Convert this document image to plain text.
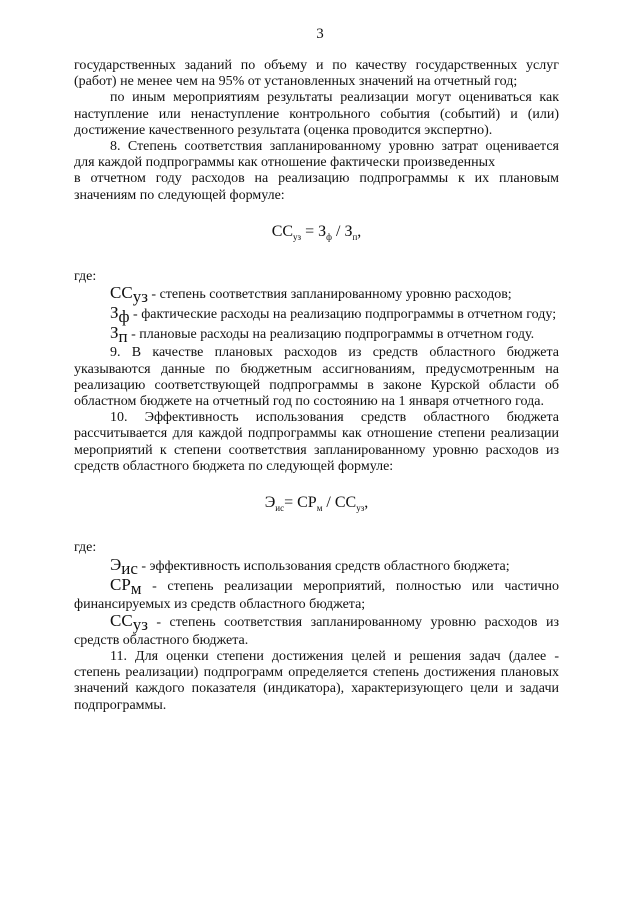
3

государственных заданий по объему и по качеству государственных услуг (работ) не менее чем на 95% от установленных значений на отчетный год;

по иным мероприятиям результаты реализации могут оцениваться как наступление или ненаступление контрольного события (событий) и (или) достижение качественного результата (оценка проводится экспертно).

8. Степень соответствия запланированному уровню затрат оценивается для каждой подпрограммы как отношение фактически произведенных

в отчетном году расходов на реализацию подпрограммы к их плановым значениям по следующей формуле:

$СС_{уз} = З_ф / З_п$,

где:

$СС_{уз}$ - степень соответствия запланированному уровню расходов;

$З_ф$ - фактические расходы на реализацию подпрограммы в отчетном году;

$З_п$ - плановые расходы на реализацию подпрограммы в отчетном году.

9. В качестве плановых расходов из средств областного бюджета указываются данные по бюджетным ассигнованиям, предусмотренным на реализацию соответствующей подпрограммы в законе Курской области об областном бюджете на отчетный год по состоянию на 1 января отчетного года.

10. Эффективность использования средств областного бюджета рассчитывается для каждой подпрограммы как отношение степени реализации мероприятий к степени соответствия запланированному уровню расходов из средств областного бюджета по следующей формуле:

$Э_{ис}= СР_м / СС_{уз}$,

где:

$Э_{ис}$ - эффективность использования средств областного бюджета;

$СР_м$ - степень реализации мероприятий, полностью или частично финансируемых из средств областного бюджета;

$СС_{уз}$ - степень соответствия запланированному уровню расходов из средств областного бюджета.

11. Для оценки степени достижения целей и решения задач (далее - степень реализации) подпрограмм определяется степень достижения плановых значений каждого показателя (индикатора), характеризующего цели и задачи подпрограммы.
